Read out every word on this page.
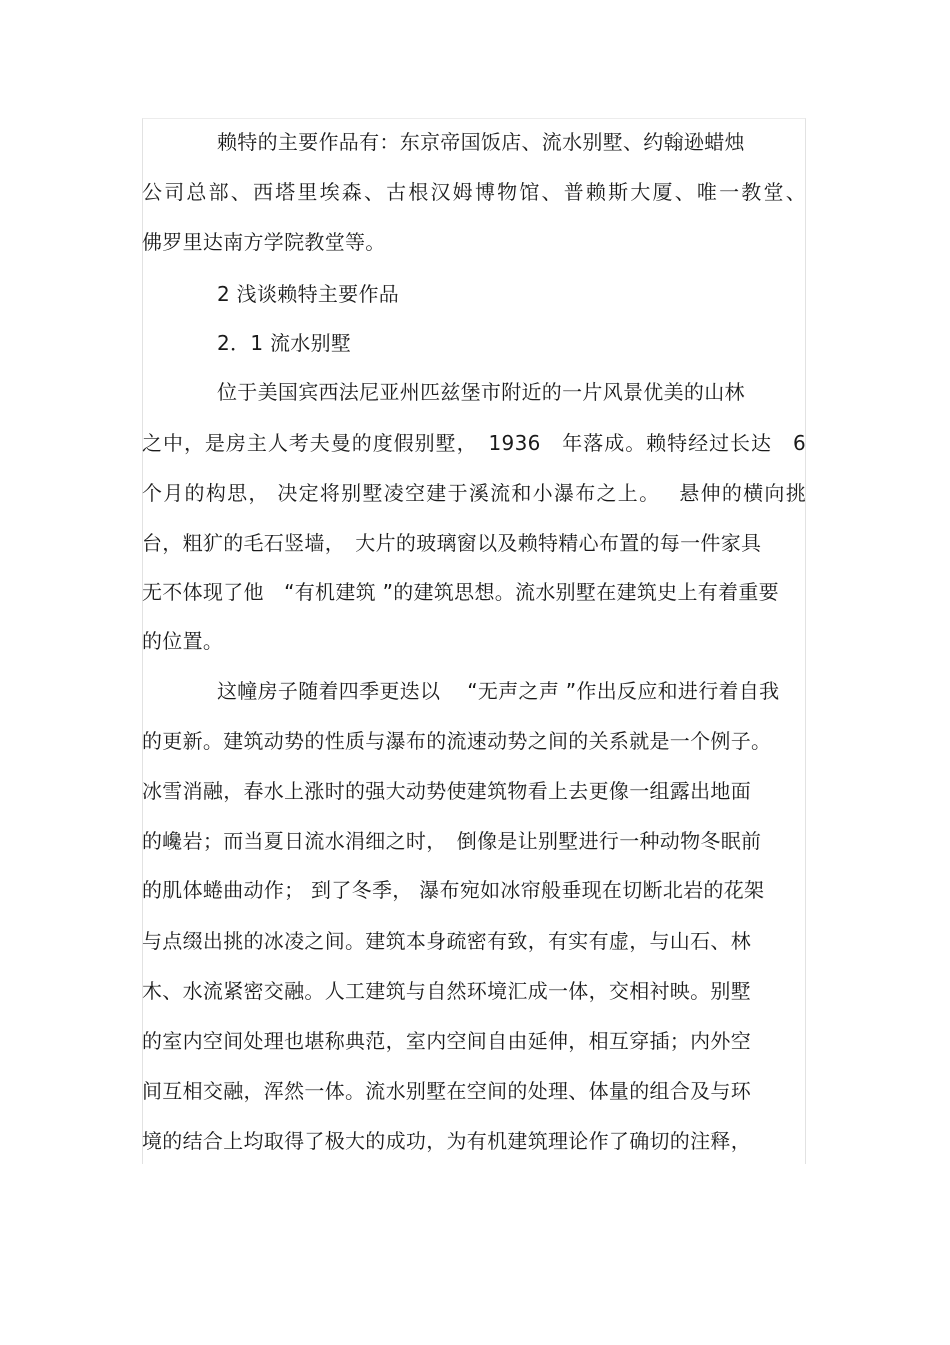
赖特的主要作品有：东京帝国饭店、流水别墅、约翰逊蜡烛
公司总部、西塔里埃森、古根汉姆博物馆、普赖斯大厦、唯一教堂、
佛罗里达南方学院教堂等。
2 浅谈赖特主要作品
2．1 流水别墅
位于美国宾西法尼亚州匹兹堡市附近的一片风景优美的山林
之中，是房主人考夫曼的度假别墅，　1936　年落成。赖特经过长达　6
个月的构思， 决定将别墅凌空建于溪流和小瀑布之上。　 悬伸的横向挑
台，粗犷的毛石竖墙，　大片的玻璃窗以及赖特精心布置的每一件家具
无不体现了他　“有机建筑 ”的建筑思想。流水别墅在建筑史上有着重要
的位置。
这幢房子随着四季更迭以　 “无声之声 ”作出反应和进行着自我
的更新。建筑动势的性质与瀑布的流速动势之间的关系就是一个例子。
冰雪消融，春水上涨时的强大动势使建筑物看上去更像一组露出地面
的巉岩；而当夏日流水涓细之时，　倒像是让别墅进行一种动物冬眠前
的肌体蜷曲动作； 到了冬季， 瀑布宛如冰帘般垂现在切断北岩的花架
与点缀出挑的冰凌之间。建筑本身疏密有致，有实有虚，与山石、林
木、水流紧密交融。人工建筑与自然环境汇成一体，交相衬映。别墅
的室内空间处理也堪称典范，室内空间自由延伸，相互穿插；内外空
间互相交融，浑然一体。流水别墅在空间的处理、体量的组合及与环
境的结合上均取得了极大的成功，为有机建筑理论作了确切的注释，
